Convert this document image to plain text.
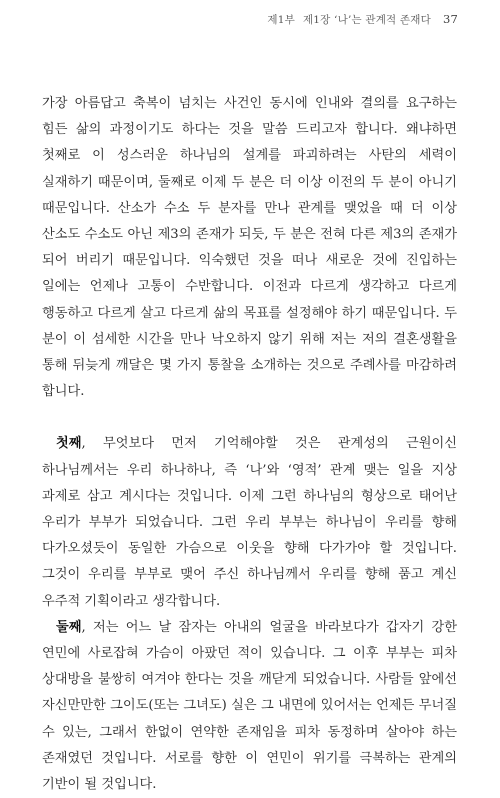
제1부 제1장 ‘나’는 관계적 존재다 37

가장 아름답고 축복이 넘치는 사건인 동시에 인내와 결의를 요구하는 힘든 삶의 과정이기도 하다는 것을 말씀 드리고자 합니다. 왜냐하면 첫째로 이 성스러운 하나님의 설계를 파괴하려는 사탄의 세력이 실재하기 때문이며, 둘째로 이제 두 분은 더 이상 이전의 두 분이 아니기 때문입니다. 산소가 수소 두 분자를 만나 관계를 맺었을 때 더 이상 산소도 수소도 아닌 제3의 존재가 되듯, 두 분은 전혀 다른 제3의 존재가 되어 버리기 때문입니다. 익숙했던 것을 떠나 새로운 것에 진입하는 일에는 언제나 고통이 수반합니다. 이전과 다르게 생각하고 다르게 행동하고 다르게 살고 다르게 삶의 목표를 설정해야 하기 때문입니다. 두 분이 이 섬세한 시간을 만나 낙오하지 않기 위해 저는 저의 결혼생활을 통해 뒤늦게 깨달은 몇 가지 통찰을 소개하는 것으로 주례사를 마감하려 합니다.

첫째, 무엇보다 먼저 기억해야할 것은 관계성의 근원이신 하나님께서는 우리 하나하나, 즉 ‘나’와 ‘영적’ 관계 맺는 일을 지상 과제로 삼고 계시다는 것입니다. 이제 그런 하나님의 형상으로 태어난 우리가 부부가 되었습니다. 그런 우리 부부는 하나님이 우리를 향해 다가오셨듯이 동일한 가슴으로 이웃을 향해 다가가야 할 것입니다. 그것이 우리를 부부로 맺어 주신 하나님께서 우리를 향해 품고 계신 우주적 기획이라고 생각합니다.

둘째, 저는 어느 날 잠자는 아내의 얼굴을 바라보다가 갑자기 강한 연민에 사로잡혀 가슴이 아팠던 적이 있습니다. 그 이후 부부는 피차 상대방을 불쌍히 여겨야 한다는 것을 깨닫게 되었습니다. 사람들 앞에선 자신만만한 그이도(또는 그녀도) 실은 그 내면에 있어서는 언제든 무너질 수 있는, 그래서 한없이 연약한 존재임을 피차 동정하며 살아야 하는 존재였던 것입니다. 서로를 향한 이 연민이 위기를 극복하는 관계의 기반이 될 것입니다.
